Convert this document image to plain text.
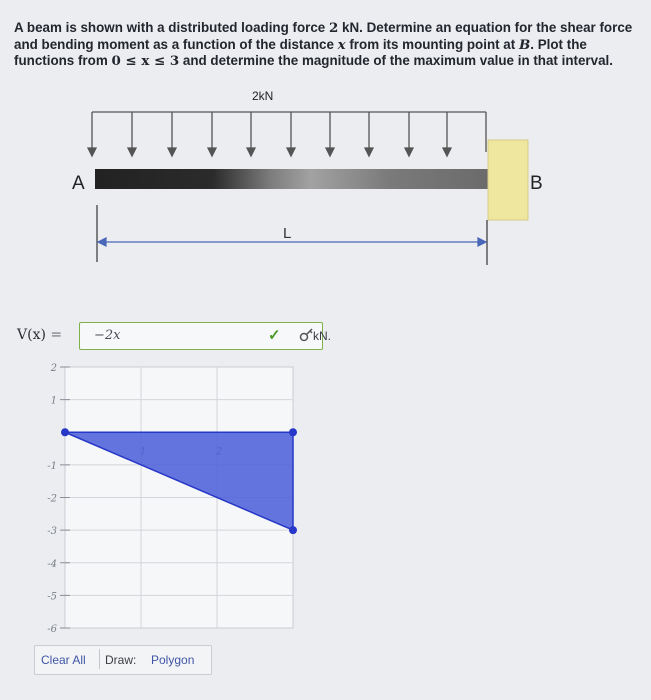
A beam is shown with a distributed loading force 2 kN. Determine an equation for the shear force and bending moment as a function of the distance x from its mounting point at B. Plot the functions from 0 ≤ x ≤ 3 and determine the magnitude of the maximum value in that interval.
2kN
A	B
L
V(x) = −2x	✓	kN.
2
1
-1
-2
-3
-4
-5
-6
Clear All Draw: Polygon
